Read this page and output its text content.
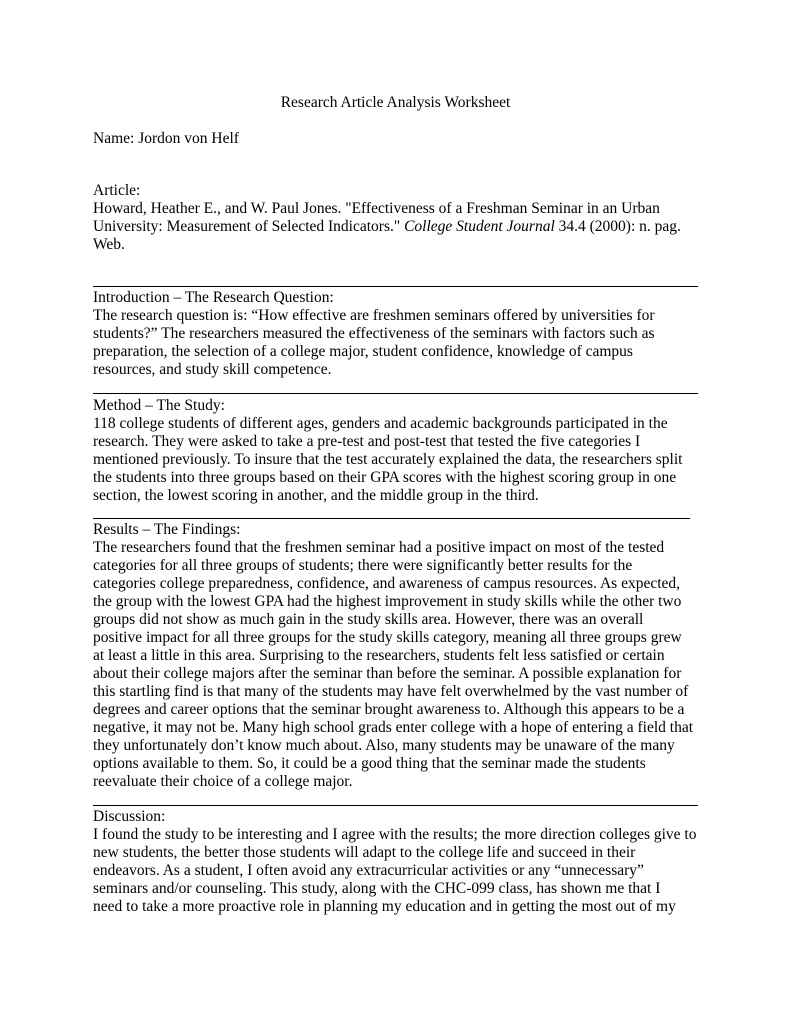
Research Article Analysis Worksheet
Name: Jordon von Helf

Article:

Howard, Heather E., and W. Paul Jones. "Effectiveness of a Freshman Seminar in an Urban

University: Measurement of Selected Indicators." College Student Journal 34.4 (2000): n. pag.

Web.

Introduction – The Research Question:

The research question is: “How effective are freshmen seminars offered by universities for

students?” The researchers measured the effectiveness of the seminars with factors such as

preparation, the selection of a college major, student confidence, knowledge of campus

resources, and study skill competence.

Method – The Study:

118 college students of different ages, genders and academic backgrounds participated in the

research. They were asked to take a pre-test and post-test that tested the five categories I

mentioned previously. To insure that the test accurately explained the data, the researchers split

the students into three groups based on their GPA scores with the highest scoring group in one

section, the lowest scoring in another, and the middle group in the third.

Results – The Findings:

The researchers found that the freshmen seminar had a positive impact on most of the tested

categories for all three groups of students; there were significantly better results for the

categories college preparedness, confidence, and awareness of campus resources. As expected,

the group with the lowest GPA had the highest improvement in study skills while the other two

groups did not show as much gain in the study skills area. However, there was an overall

positive impact for all three groups for the study skills category, meaning all three groups grew

at least a little in this area. Surprising to the researchers, students felt less satisfied or certain

about their college majors after the seminar than before the seminar. A possible explanation for

this startling find is that many of the students may have felt overwhelmed by the vast number of

degrees and career options that the seminar brought awareness to. Although this appears to be a

negative, it may not be. Many high school grads enter college with a hope of entering a field that

they unfortunately don’t know much about. Also, many students may be unaware of the many

options available to them. So, it could be a good thing that the seminar made the students

reevaluate their choice of a college major.

Discussion:

I found the study to be interesting and I agree with the results; the more direction colleges give to

new students, the better those students will adapt to the college life and succeed in their

endeavors. As a student, I often avoid any extracurricular activities or any “unnecessary”

seminars and/or counseling. This study, along with the CHC-099 class, has shown me that I

need to take a more proactive role in planning my education and in getting the most out of my
